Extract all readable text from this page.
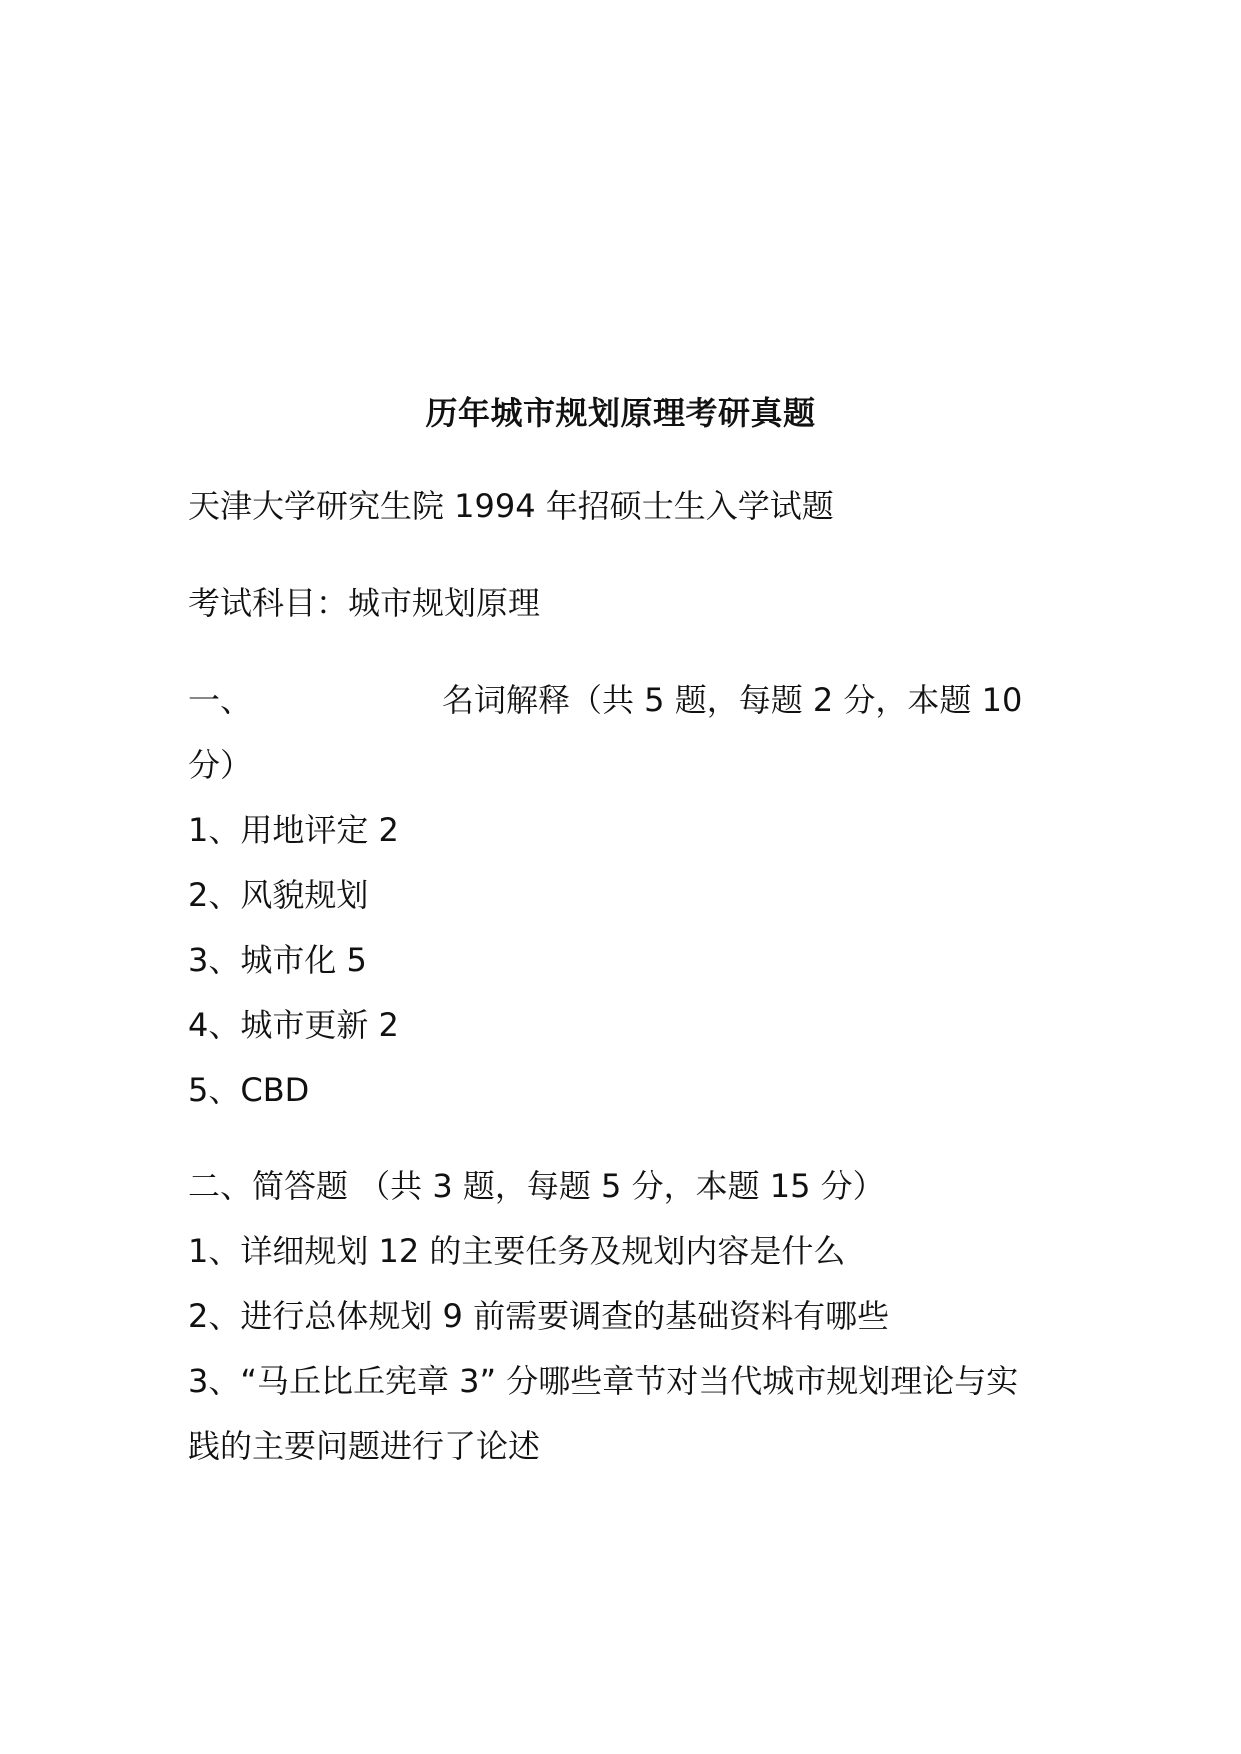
历年城市规划原理考研真题
天津大学研究生院 1994 年招硕士生入学试题
考试科目：城市规划原理
一、	名词解释（共 5 题，每题 2 分，本题 10
分）
1、用地评定 2
2、风貌规划
3、城市化 5
4、城市更新 2
5、CBD
二、简答题 （共 3 题，每题 5 分，本题 15 分）
1、详细规划 12 的主要任务及规划内容是什么
2、进行总体规划 9 前需要调查的基础资料有哪些
3、“马丘比丘宪章 3” 分哪些章节对当代城市规划理论与实
践的主要问题进行了论述
